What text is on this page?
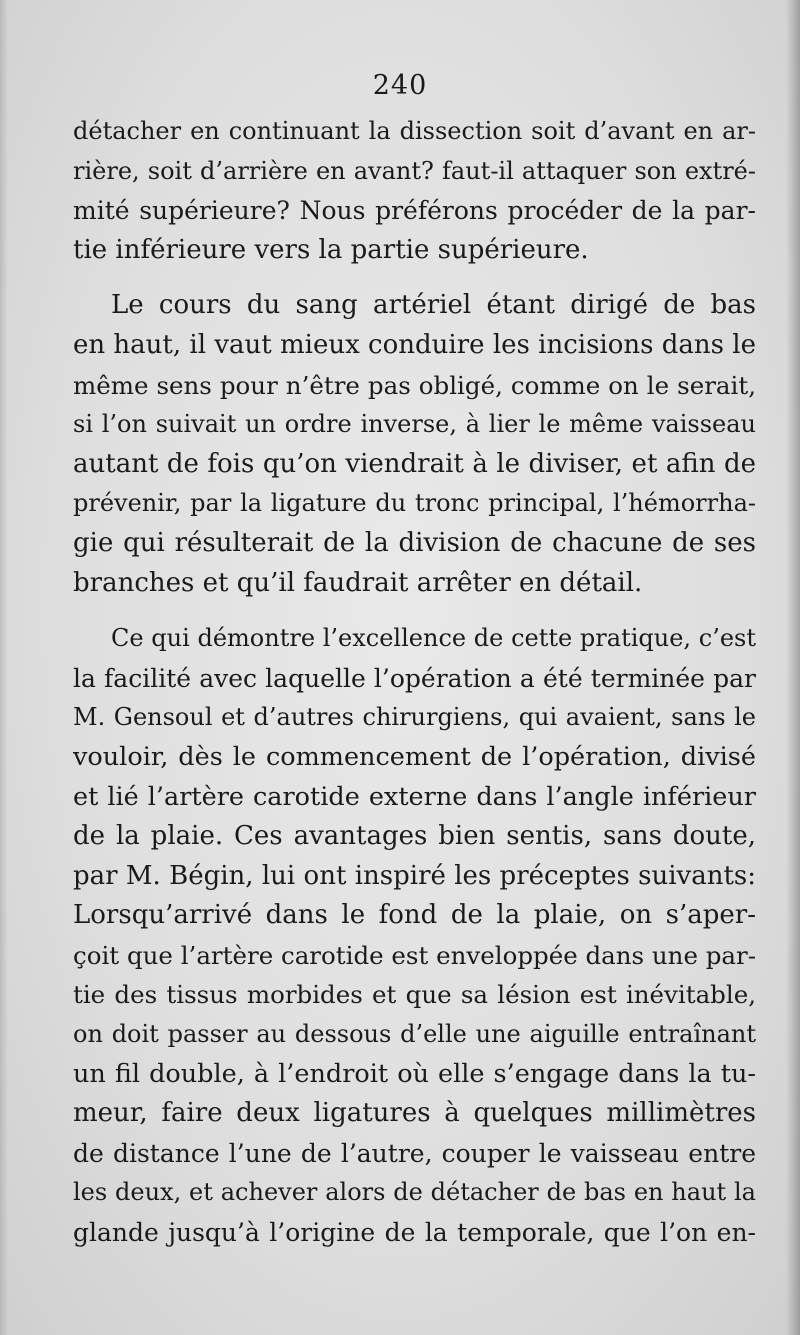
240

détacher en continuant la dissection soit d’avant en ar-
rière, soit d’arrière en avant? faut-il attaquer son extré-
mité supérieure? Nous préférons procéder de la par-
tie inférieure vers la partie supérieure.

Le cours du sang artériel étant dirigé de bas
en haut, il vaut mieux conduire les incisions dans le
même sens pour n’être pas obligé, comme on le serait,
si l’on suivait un ordre inverse, à lier le même vaisseau
autant de fois qu’on viendrait à le diviser, et afin de
prévenir, par la ligature du tronc principal, l’hémorrha-
gie qui résulterait de la division de chacune de ses
branches et qu’il faudrait arrêter en détail.

Ce qui démontre l’excellence de cette pratique, c’est
la facilité avec laquelle l’opération a été terminée par
M. Gensoul et d’autres chirurgiens, qui avaient, sans le
vouloir, dès le commencement de l’opération, divisé
et lié l’artère carotide externe dans l’angle inférieur
de la plaie. Ces avantages bien sentis, sans doute,
par M. Bégin, lui ont inspiré les préceptes suivants:
Lorsqu’arrivé dans le fond de la plaie, on s’aper-
çoit que l’artère carotide est enveloppée dans une par-
tie des tissus morbides et que sa lésion est inévitable,
on doit passer au dessous d’elle une aiguille entraînant
un fil double, à l’endroit où elle s’engage dans la tu-
meur, faire deux ligatures à quelques millimètres
de distance l’une de l’autre, couper le vaisseau entre
les deux, et achever alors de détacher de bas en haut la
glande jusqu’à l’origine de la temporale, que l’on en-
